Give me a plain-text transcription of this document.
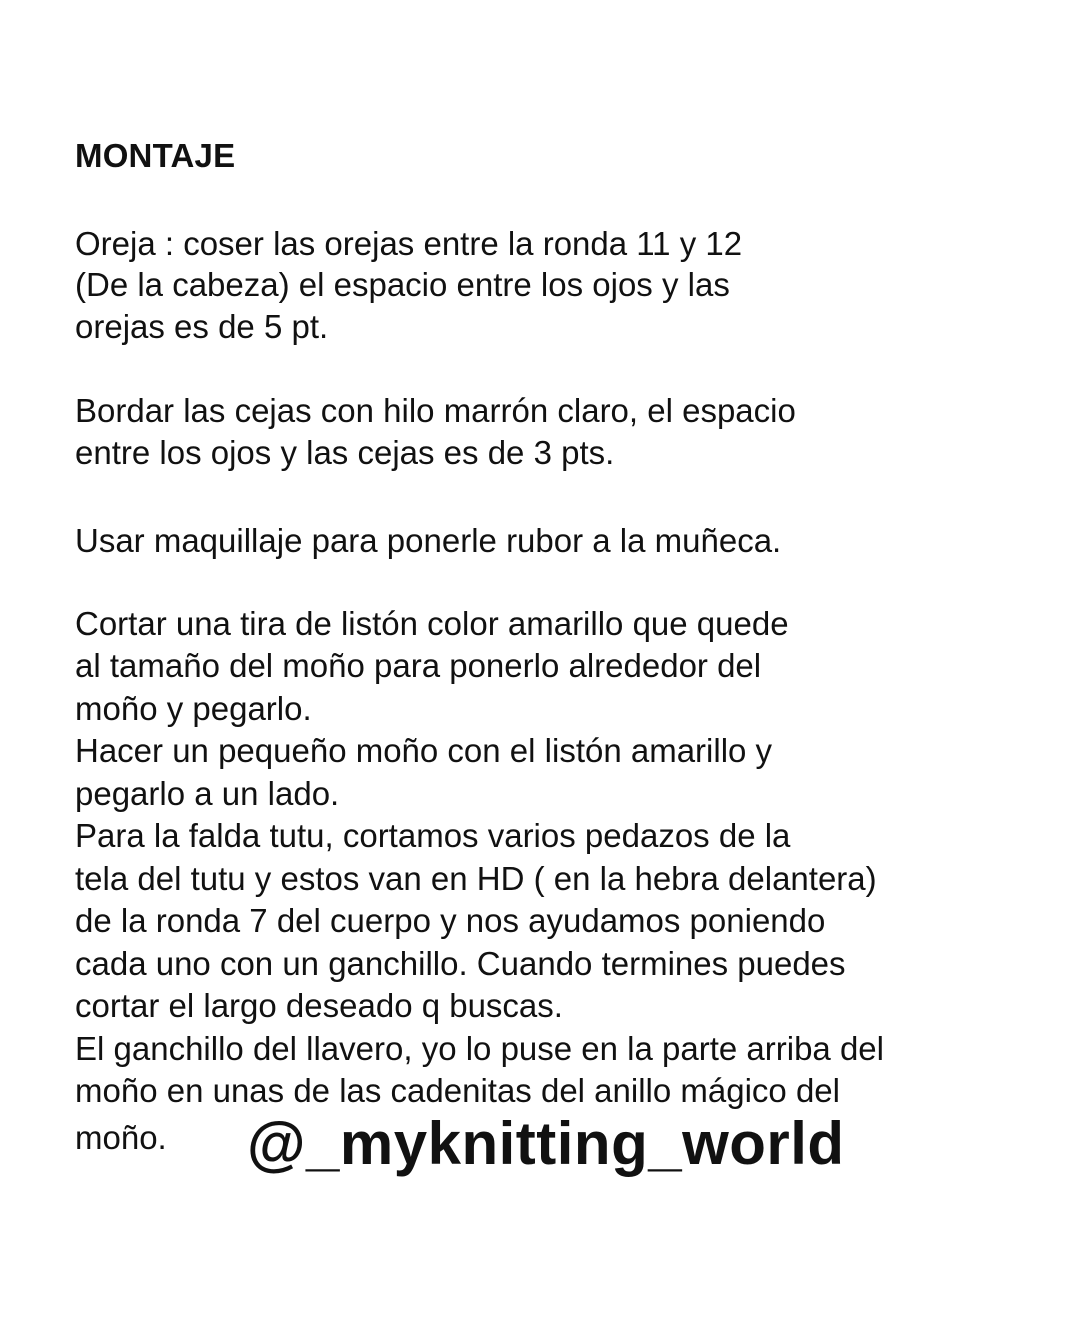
MONTAJE
Oreja : coser las orejas entre la ronda 11 y 12
(De la cabeza) el espacio entre los ojos y las
orejas es de 5 pt.
Bordar las cejas con hilo marrón claro, el espacio
entre los ojos y las cejas es de 3 pts.
Usar maquillaje para ponerle rubor a la muñeca.
Cortar una tira de listón color amarillo que quede
al tamaño del moño para ponerlo alrededor del
moño y pegarlo.
Hacer un pequeño moño con el listón amarillo y
pegarlo a un lado.
Para la falda tutu, cortamos varios pedazos de la
tela del tutu y estos van en HD ( en la hebra delantera)
de la ronda 7 del cuerpo y nos ayudamos poniendo
cada uno con un ganchillo. Cuando termines puedes
cortar el largo deseado q buscas.
El ganchillo del llavero, yo lo puse en la parte arriba del
moño en unas de las cadenitas del anillo mágico del
moño. @_myknitting_world
